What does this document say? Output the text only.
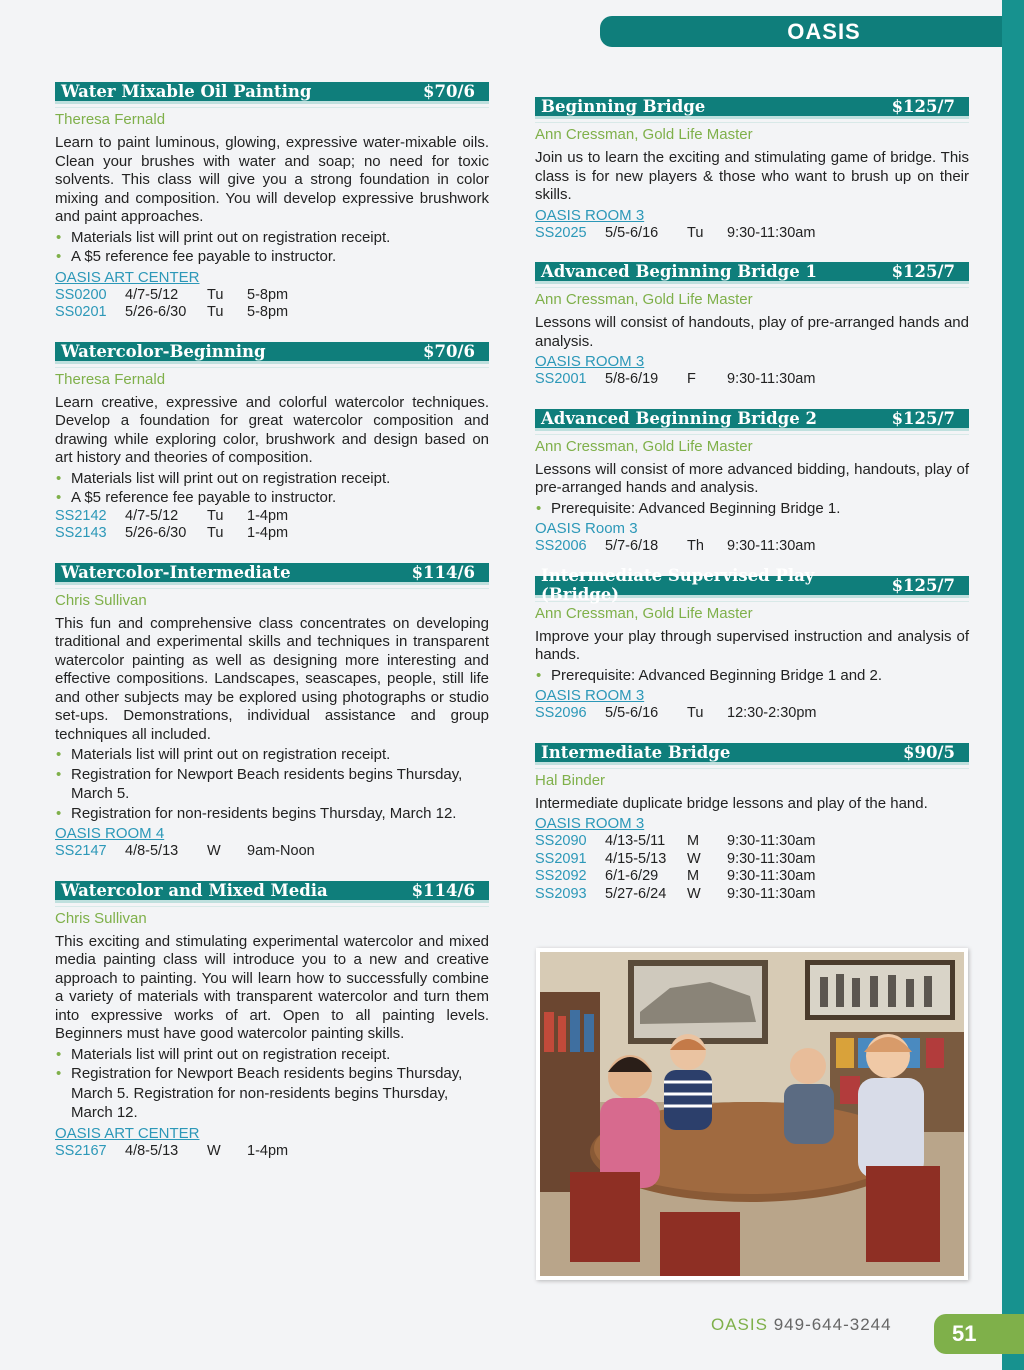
OASIS
Water Mixable Oil Painting	$70/6
Theresa Fernald
Learn to paint luminous, glowing, expressive water-mixable oils. Clean your brushes with water and soap; no need for toxic solvents. This class will give you a strong foundation in color mixing and composition. You will develop expressive brushwork and paint approaches.
• Materials list will print out on registration receipt.
• A $5 reference fee payable to instructor.
OASIS ART CENTER
SS0200	4/7-5/12	Tu	5-8pm
SS0201	5/26-6/30	Tu	5-8pm
Watercolor-Beginning	$70/6
Theresa Fernald
Learn creative, expressive and colorful watercolor techniques. Develop a foundation for great watercolor composition and drawing while exploring color, brushwork and design based on art history and theories of composition.
• Materials list will print out on registration receipt.
• A $5 reference fee payable to instructor.
SS2142	4/7-5/12	Tu	1-4pm
SS2143	5/26-6/30	Tu	1-4pm
Watercolor-Intermediate	$114/6
Chris Sullivan
This fun and comprehensive class concentrates on developing traditional and experimental skills and techniques in transparent watercolor painting as well as designing more interesting and effective compositions. Landscapes, seascapes, people, still life and other subjects may be explored using photographs or studio set-ups. Demonstrations, individual assistance and group techniques all included.
• Materials list will print out on registration receipt.
• Registration for Newport Beach residents begins Thursday, March 5.
• Registration for non-residents begins Thursday, March 12.
OASIS ROOM 4
SS2147	4/8-5/13	W	9am-Noon
Watercolor and Mixed Media	$114/6
Chris Sullivan
This exciting and stimulating experimental watercolor and mixed media painting class will introduce you to a new and creative approach to painting. You will learn how to successfully combine a variety of materials with transparent watercolor and turn them into expressive works of art. Open to all painting levels. Beginners must have good watercolor painting skills.
• Materials list will print out on registration receipt.
• Registration for Newport Beach residents begins Thursday, March 5. Registration for non-residents begins Thursday, March 12.
OASIS ART CENTER
SS2167	4/8-5/13	W	1-4pm
Beginning Bridge	$125/7
Ann Cressman, Gold Life Master
Join us to learn the exciting and stimulating game of bridge. This class is for new players & those who want to brush up on their skills.
OASIS ROOM 3
SS2025	5/5-6/16	Tu	9:30-11:30am
Advanced Beginning Bridge 1	$125/7
Ann Cressman, Gold Life Master
Lessons will consist of handouts, play of pre-arranged hands and analysis.
OASIS ROOM 3
SS2001	5/8-6/19	F	9:30-11:30am
Advanced Beginning Bridge 2	$125/7
Ann Cressman, Gold Life Master
Lessons will consist of more advanced bidding, handouts, play of pre-arranged hands and analysis.
• Prerequisite: Advanced Beginning Bridge 1.
OASIS Room 3
SS2006	5/7-6/18	Th	9:30-11:30am
Intermediate Supervised Play (Bridge)	$125/7
Ann Cressman, Gold Life Master
Improve your play through supervised instruction and analysis of hands.
• Prerequisite: Advanced Beginning Bridge 1 and 2.
OASIS ROOM 3
SS2096	5/5-6/16	Tu	12:30-2:30pm
Intermediate Bridge	$90/5
Hal Binder
Intermediate duplicate bridge lessons and play of the hand.
OASIS ROOM 3
SS2090	4/13-5/11	M	9:30-11:30am
SS2091	4/15-5/13	W	9:30-11:30am
SS2092	6/1-6/29	M	9:30-11:30am
SS2093	5/27-6/24	W	9:30-11:30am
OASIS 949-644-3244	51
